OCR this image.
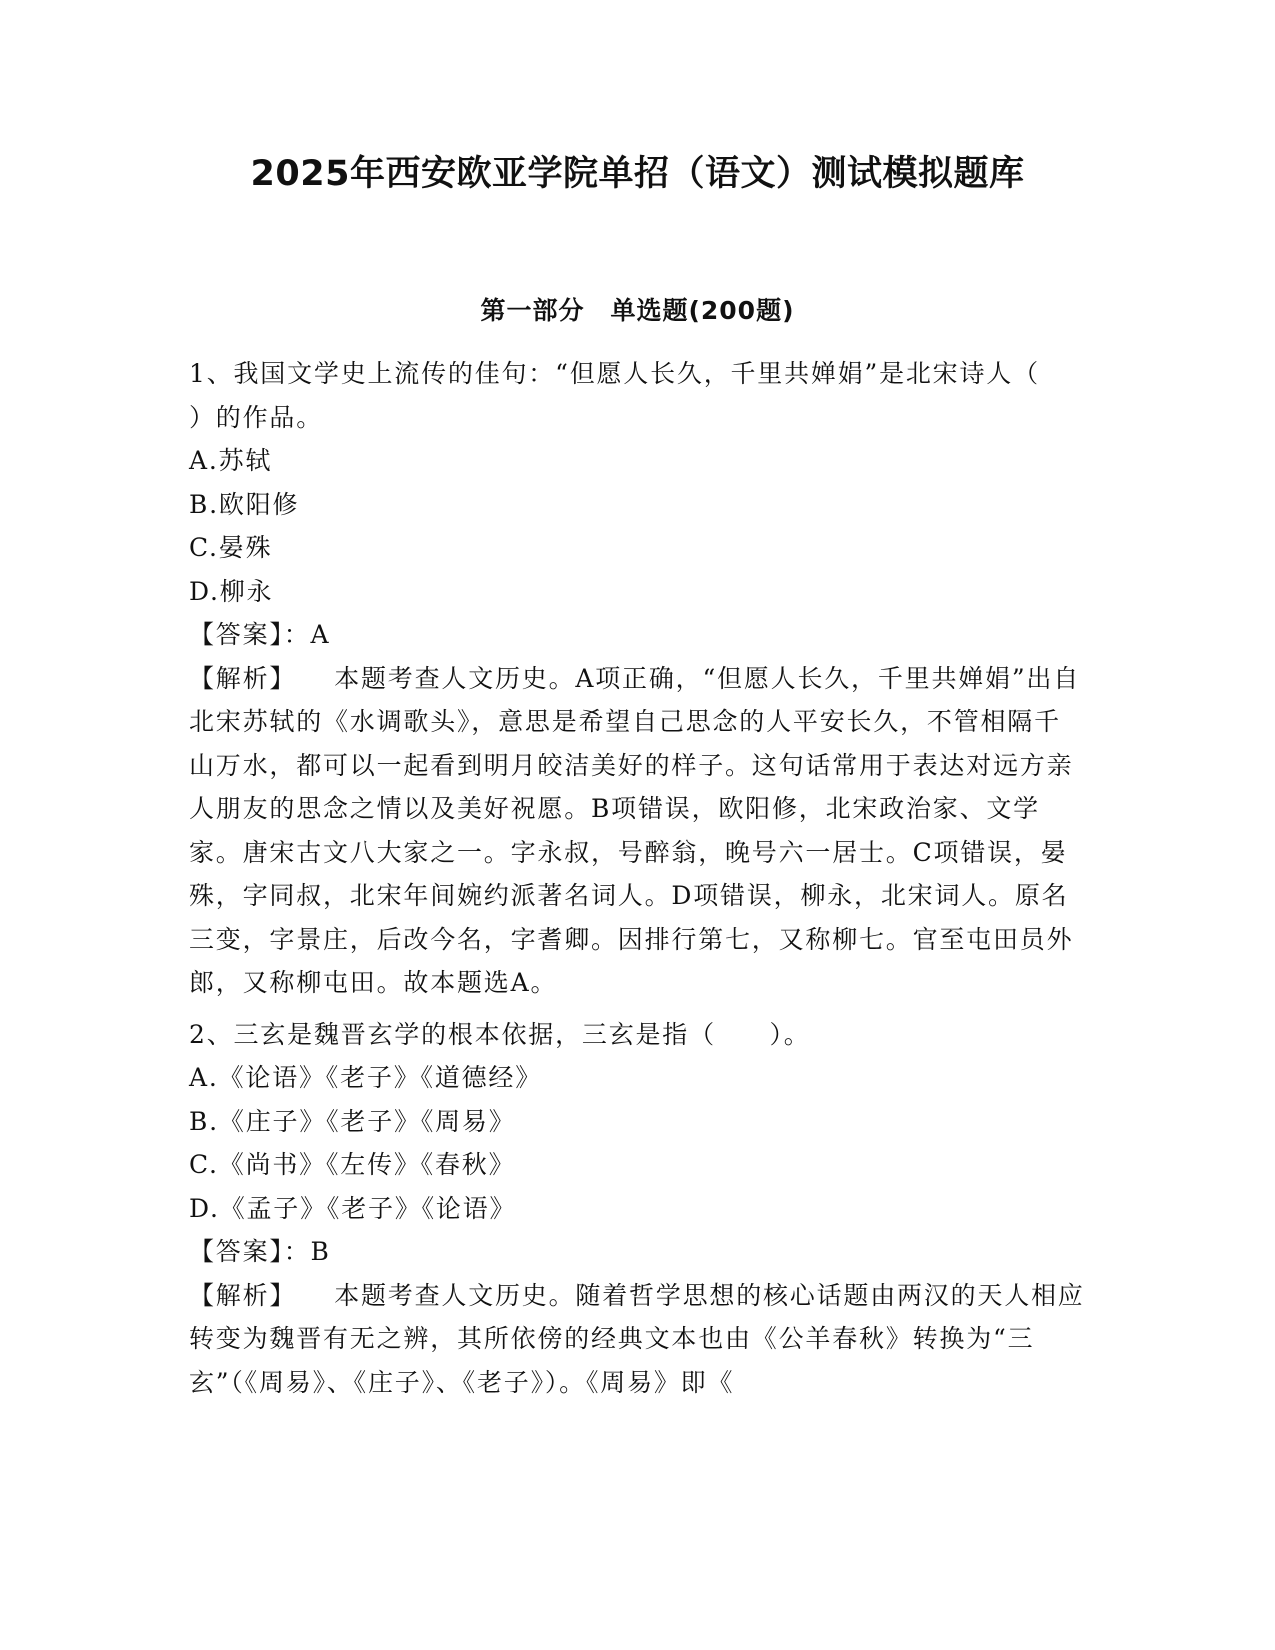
2025年西安欧亚学院单招（语文）测试模拟题库
第一部分　单选题(200题)

1、我国文学史上流传的佳句：“但愿人长久，千里共婵娟”是北宋诗人（　　）的作品。

A.苏轼

B.欧阳修

C.晏殊

D.柳永

【答案】：A

【解析】 本题考查人文历史。A项正确，“但愿人长久，千里共婵娟”出自北宋苏轼的《水调歌头》，意思是希望自己思念的人平安长久，不管相隔千山万水，都可以一起看到明月皎洁美好的样子。这句话常用于表达对远方亲人朋友的思念之情以及美好祝愿。B项错误，欧阳修，北宋政治家、文学家。唐宋古文八大家之一。字永叔，号醉翁，晚号六一居士。C项错误，晏殊，字同叔，北宋年间婉约派著名词人。D项错误，柳永，北宋词人。原名三变，字景庄，后改今名，字耆卿。因排行第七，又称柳七。官至屯田员外郎，又称柳屯田。故本题选A。

2、三玄是魏晋玄学的根本依据，三玄是指（　　）。

A.《论语》《老子》《道德经》

B.《庄子》《老子》《周易》

C.《尚书》《左传》《春秋》

D.《孟子》《老子》《论语》

【答案】：B

【解析】 本题考查人文历史。随着哲学思想的核心话题由两汉的天人相应转变为魏晋有无之辨，其所依傍的经典文本也由《公羊春秋》转换为“三玄”（《周易》、《庄子》、《老子》）。《周易》即《
